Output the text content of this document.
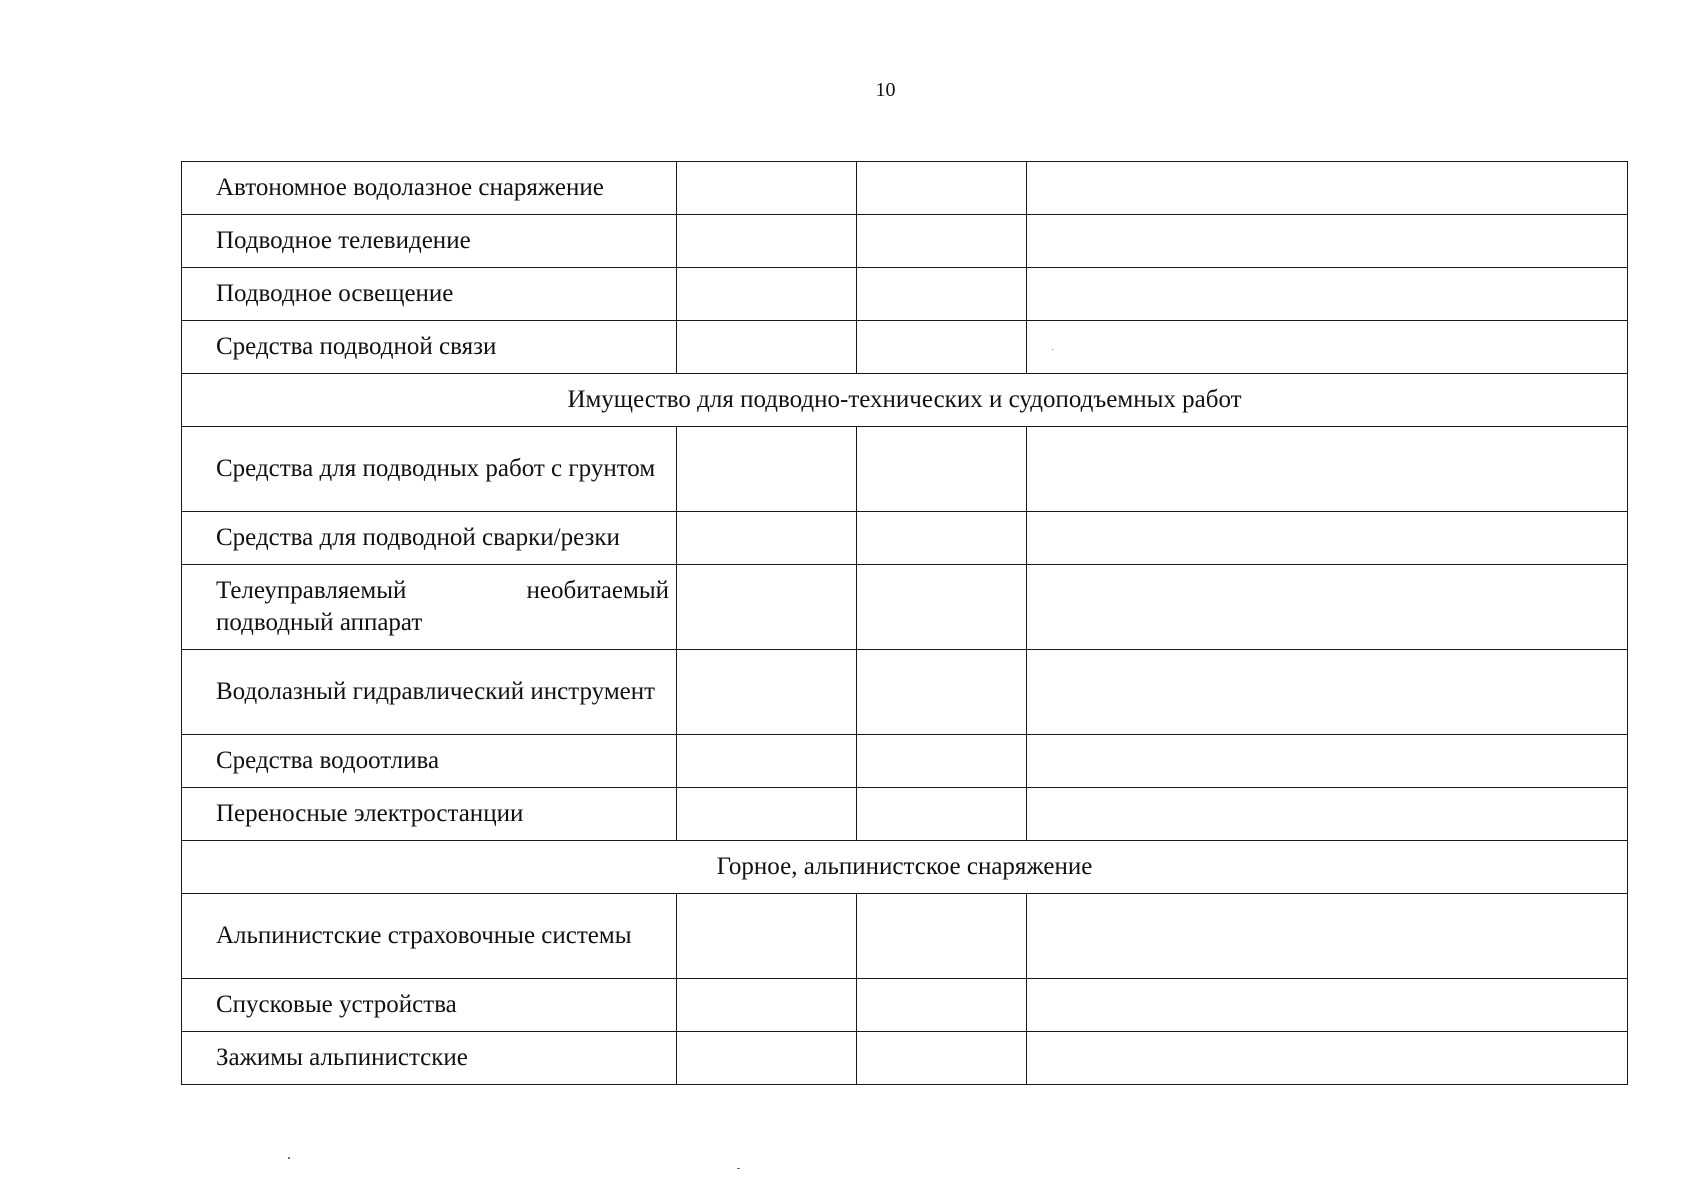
10
Автономное водолазное снаряжение			
Подводное телевидение			
Подводное освещение			
Средства подводной связи			
Имущество для подводно-технических и судоподъемных работ			
Средства для подводных работ с грунтом			
Средства для подводной сварки/резки			
Телеуправляемый необитаемый подводный аппарат			
Водолазный гидравлический инструмент			
Средства водоотлива			
Переносные электростанции			
Горное, альпинистское снаряжение			
Альпинистские страховочные системы			
Спусковые устройства			
Зажимы альпинистские			
